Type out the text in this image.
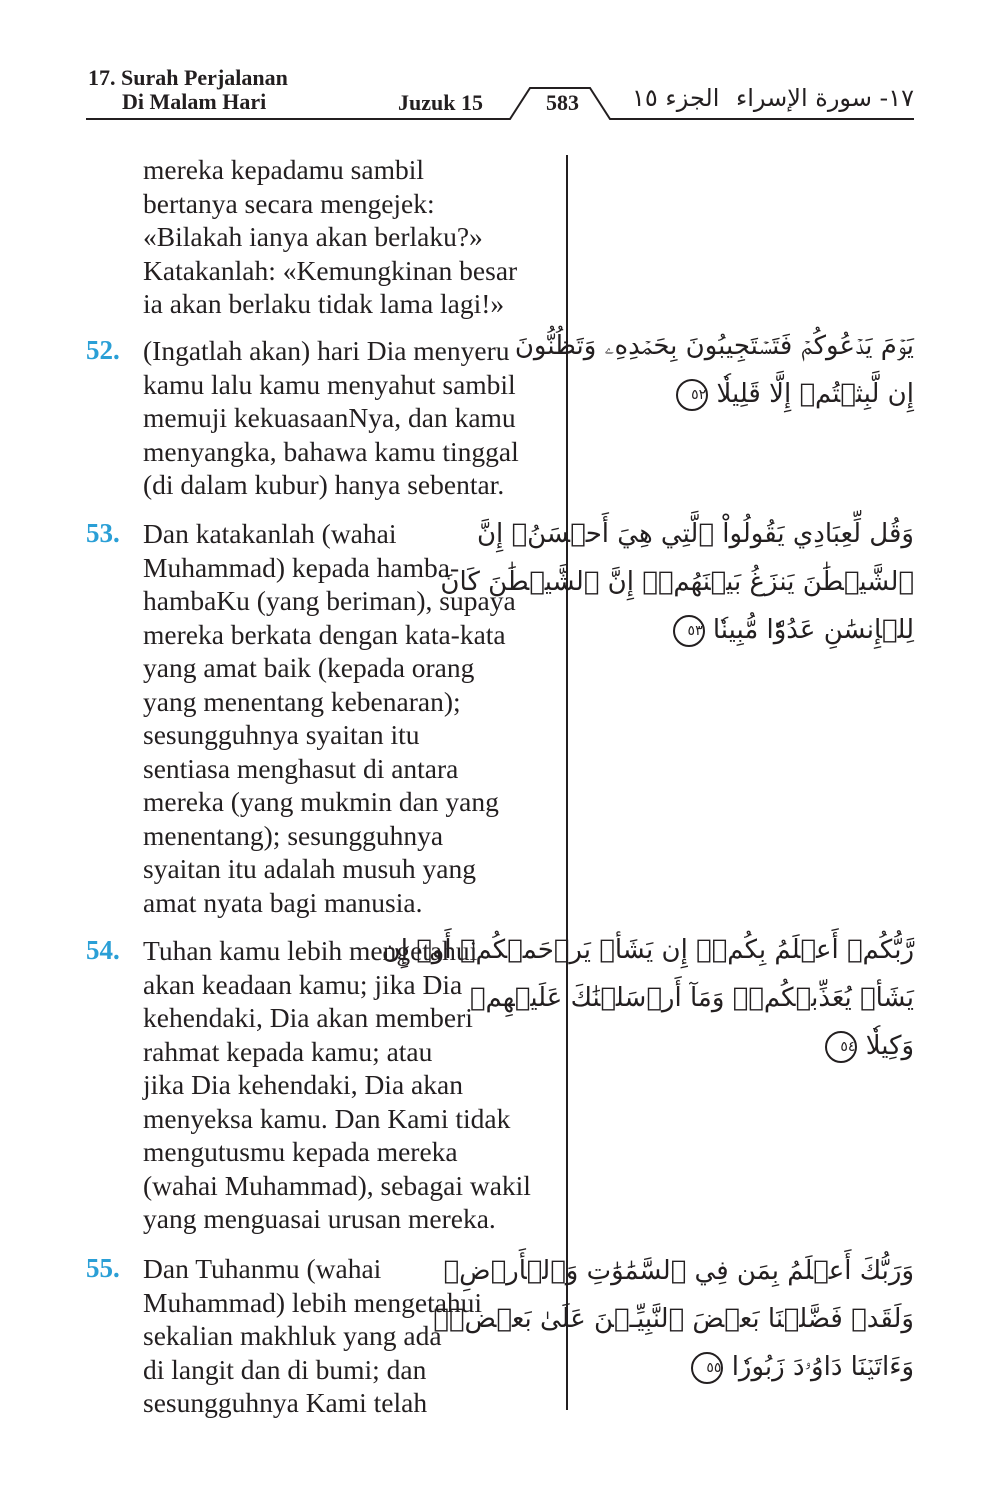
17. Surah Perjalanan
Di Malam Hari	Juzuk 15	583 الجزء ١٥ ١٧- سورة الإسراء
mereka kepadamu sambil
bertanya secara mengejek:
«Bilakah ianya akan berlaku?»
Katakanlah: «Kemungkinan besar
ia akan berlaku tidak lama lagi!»
52. (Ingatlah akan) hari Dia menyeru
kamu lalu kamu menyahut sambil
memuji kekuasaanNya, dan kamu
menyangka, bahawa kamu tinggal
(di dalam kubur) hanya sebentar.
53. Dan katakanlah (wahai
Muhammad) kepada hamba-
hambaKu (yang beriman), supaya
mereka berkata dengan kata-kata
yang amat baik (kepada orang
yang menentang kebenaran);
sesungguhnya syaitan itu
sentiasa menghasut di antara
mereka (yang mukmin dan yang
menentang); sesungguhnya
syaitan itu adalah musuh yang
amat nyata bagi manusia.
54. Tuhan kamu lebih mengetahui
akan keadaan kamu; jika Dia
kehendaki, Dia akan memberi
rahmat kepada kamu; atau
jika Dia kehendaki, Dia akan
menyeksa kamu. Dan Kami tidak
mengutusmu kepada mereka
(wahai Muhammad), sebagai wakil
yang menguasai urusan mereka.
55. Dan Tuhanmu (wahai
Muhammad) lebih mengetahui
sekalian makhluk yang ada
di langit dan di bumi; dan
sesungguhnya Kami telah
يَوۡمَ يَدۡعُوكُمۡ فَتَسۡتَجِيبُونَ بِحَمۡدِهِۦ وَتَظُنُّونَ
إِن لَّبِثۡتُمۡ إِلَّا قَلِيلٗا ٥٢
وَقُل لِّعِبَادِي يَقُولُواْ ٱلَّتِي هِيَ أَحۡسَنُۚ إِنَّ
ٱلشَّيۡطَٰنَ يَنزَغُ بَيۡنَهُمۡۚ إِنَّ ٱلشَّيۡطَٰنَ كَانَ
لِلۡإِنسَٰنِ عَدُوّٗا مُّبِينٗا ٥٣
رَّبُّكُمۡ أَعۡلَمُ بِكُمۡۖ إِن يَشَأۡ يَرۡحَمۡكُمۡ أَوۡ إِن
يَشَأۡ يُعَذِّبۡكُمۡۚ وَمَآ أَرۡسَلۡنَٰكَ عَلَيۡهِمۡ
وَكِيلٗا ٥٤
وَرَبُّكَ أَعۡلَمُ بِمَن فِي ٱلسَّمَٰوَٰتِ وَٱلۡأَرۡضِۗ
وَلَقَدۡ فَضَّلۡنَا بَعۡضَ ٱلنَّبِيِّـۧنَ عَلَىٰ بَعۡضٖۖ
وَءَاتَيۡنَا دَاوُۥدَ زَبُورٗا ٥٥
